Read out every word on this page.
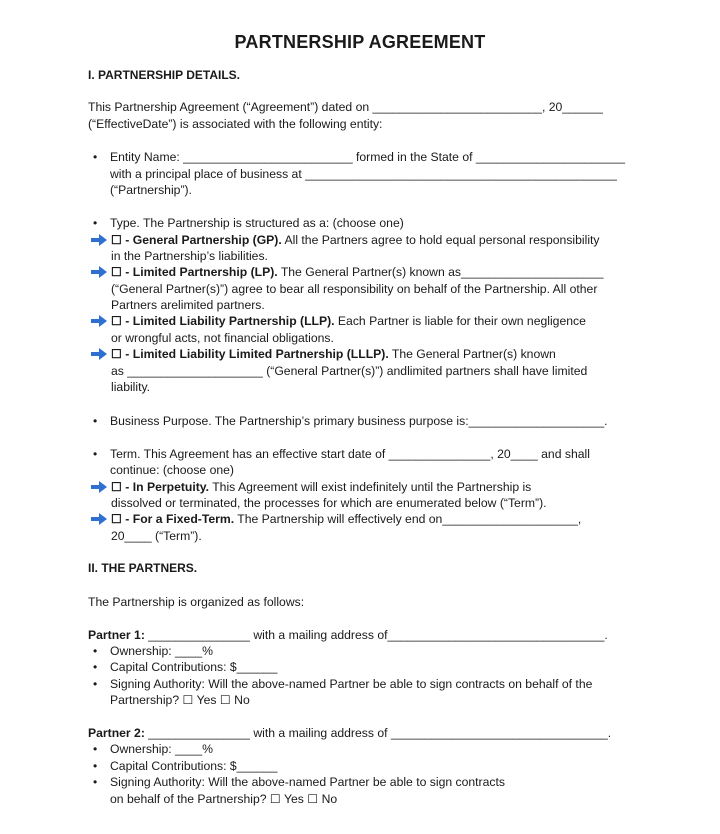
PARTNERSHIP AGREEMENT

I. PARTNERSHIP DETAILS.

This Partnership Agreement (“Agreement”) dated on _________________________, 20______

(“EffectiveDate”) is associated with the following entity:

• Entity Name: _________________________ formed in the State of ______________________

with a principal place of business at ______________________________________________

(“Partnership”).

• Type. The Partnership is structured as a: (choose one)

☐ - General Partnership (GP). All the Partners agree to hold equal personal responsibility

in the Partnership’s liabilities.

☐ - Limited Partnership (LP). The General Partner(s) known as_____________________

(“General Partner(s)”) agree to bear all responsibility on behalf of the Partnership. All other

Partners arelimited partners.

☐ - Limited Liability Partnership (LLP). Each Partner is liable for their own negligence

or wrongful acts, not financial obligations.

☐ - Limited Liability Limited Partnership (LLLP). The General Partner(s) known

as ____________________ (“General Partner(s)”) andlimited partners shall have limited

liability.

• Business Purpose. The Partnership’s primary business purpose is:____________________.

• Term. This Agreement has an effective start date of _______________, 20____ and shall

continue: (choose one)

☐ - In Perpetuity. This Agreement will exist indefinitely until the Partnership is

dissolved or terminated, the processes for which are enumerated below (“Term”).

☐ - For a Fixed-Term. The Partnership will effectively end on____________________,

20____ (“Term”).

II. THE PARTNERS.

The Partnership is organized as follows:

Partner 1: _______________ with a mailing address of________________________________.

• Ownership: ____%

• Capital Contributions: $______

• Signing Authority: Will the above-named Partner be able to sign contracts on behalf of the

Partnership? ☐ Yes ☐ No

Partner 2: _______________ with a mailing address of ________________________________.

• Ownership: ____%

• Capital Contributions: $______

• Signing Authority: Will the above-named Partner be able to sign contracts

on behalf of the Partnership? ☐ Yes ☐ No
